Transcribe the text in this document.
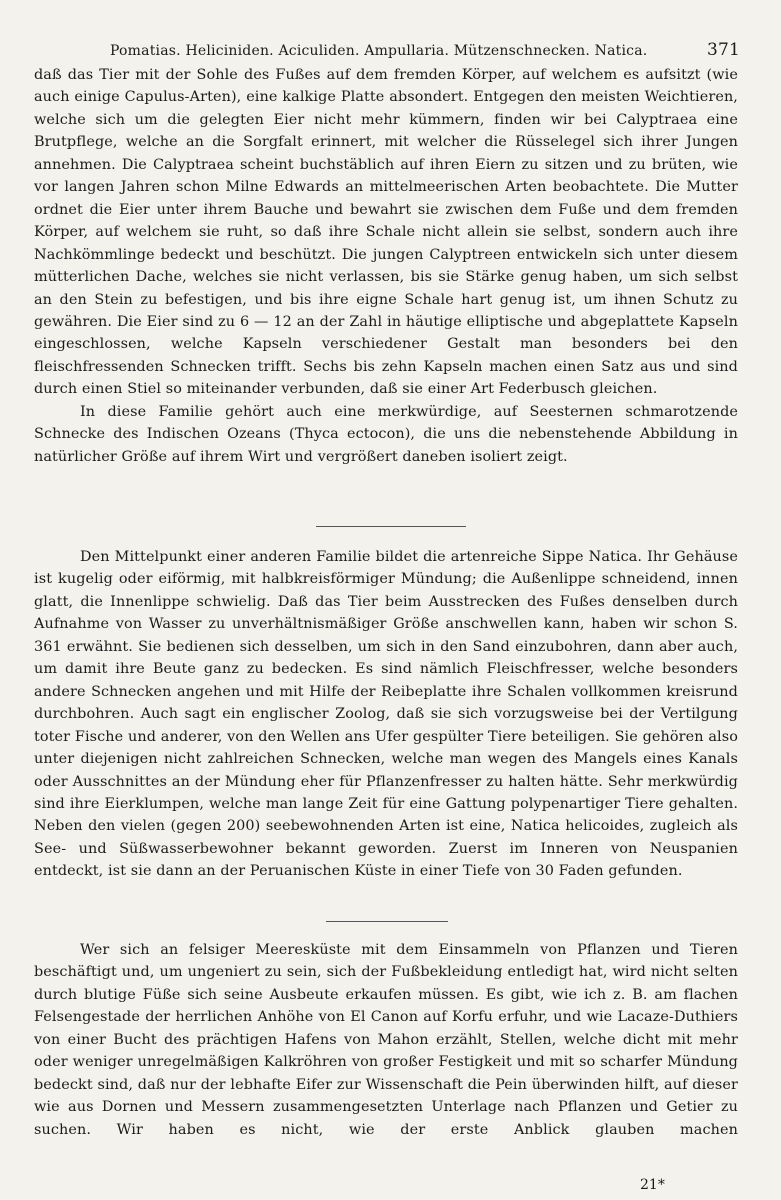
Pomatias. Heliciniden. Aciculiden. Ampullaria. Mützenschnecken. Natica.	371

daß das Tier mit der Sohle des Fußes auf dem fremden Körper, auf welchem es aufsitzt (wie auch einige Capulus-Arten), eine kalkige Platte absondert. Entgegen den meisten Weichtieren, welche sich um die gelegten Eier nicht mehr kümmern, finden wir bei Calyptraea eine Brutpflege, welche an die Sorgfalt erinnert, mit welcher die Rüsselegel sich ihrer Jungen annehmen. Die Calyptraea scheint buchstäblich auf ihren Eiern zu sitzen und zu brüten, wie vor langen Jahren schon Milne Edwards an mittelmeerischen Arten beobachtete. Die Mutter ordnet die Eier unter ihrem Bauche und bewahrt sie zwischen dem Fuße und dem fremden Körper, auf welchem sie ruht, so daß ihre Schale nicht allein sie selbst, sondern auch ihre Nachkömmlinge bedeckt und beschützt. Die jungen Calyptreen entwickeln sich unter diesem mütterlichen Dache, welches sie nicht verlassen, bis sie Stärke genug haben, um sich selbst an den Stein zu befestigen, und bis ihre eigne Schale hart genug ist, um ihnen Schutz zu gewähren. Die Eier sind zu 6 — 12 an der Zahl in häutige elliptische und abgeplattete Kapseln eingeschlossen, welche Kapseln verschiedener Gestalt man besonders bei den fleischfressenden Schnecken trifft. Sechs bis zehn Kapseln machen einen Satz aus und sind durch einen Stiel so miteinander verbunden, daß sie einer Art Federbusch gleichen.

In diese Familie gehört auch eine merkwürdige, auf Seesternen schmarotzende Schnecke des Indischen Ozeans (Thyca ectocon), die uns die nebenstehende Abbildung in natürlicher Größe auf ihrem Wirt und vergrößert daneben isoliert zeigt.

Den Mittelpunkt einer anderen Familie bildet die artenreiche Sippe Natica. Ihr Gehäuse ist kugelig oder eiförmig, mit halbkreisförmiger Mündung; die Außenlippe schneidend, innen glatt, die Innenlippe schwielig. Daß das Tier beim Ausstrecken des Fußes denselben durch Aufnahme von Wasser zu unverhältnismäßiger Größe anschwellen kann, haben wir schon S. 361 erwähnt. Sie bedienen sich desselben, um sich in den Sand einzubohren, dann aber auch, um damit ihre Beute ganz zu bedecken. Es sind nämlich Fleischfresser, welche besonders andere Schnecken angehen und mit Hilfe der Reibeplatte ihre Schalen vollkommen kreisrund durchbohren. Auch sagt ein englischer Zoolog, daß sie sich vorzugsweise bei der Vertilgung toter Fische und anderer, von den Wellen ans Ufer gespülter Tiere beteiligen. Sie gehören also unter diejenigen nicht zahlreichen Schnecken, welche man wegen des Mangels eines Kanals oder Ausschnittes an der Mündung eher für Pflanzenfresser zu halten hätte. Sehr merkwürdig sind ihre Eierklumpen, welche man lange Zeit für eine Gattung polypenartiger Tiere gehalten. Neben den vielen (gegen 200) seebewohnenden Arten ist eine, Natica helicoides, zugleich als See- und Süßwasserbewohner bekannt geworden. Zuerst im Inneren von Neuspanien entdeckt, ist sie dann an der Peruanischen Küste in einer Tiefe von 30 Faden gefunden.

Wer sich an felsiger Meeresküste mit dem Einsammeln von Pflanzen und Tieren beschäftigt und, um ungeniert zu sein, sich der Fußbekleidung entledigt hat, wird nicht selten durch blutige Füße sich seine Ausbeute erkaufen müssen. Es gibt, wie ich z. B. am flachen Felsengestade der herrlichen Anhöhe von El Canon auf Korfu erfuhr, und wie Lacaze-Duthiers von einer Bucht des prächtigen Hafens von Mahon erzählt, Stellen, welche dicht mit mehr oder weniger unregelmäßigen Kalkröhren von großer Festigkeit und mit so scharfer Mündung bedeckt sind, daß nur der lebhafte Eifer zur Wissenschaft die Pein überwinden hilft, auf dieser wie aus Dornen und Messern zusammengesetzten Unterlage nach Pflanzen und Getier zu suchen. Wir haben es nicht, wie der erste Anblick glauben machen

21*
